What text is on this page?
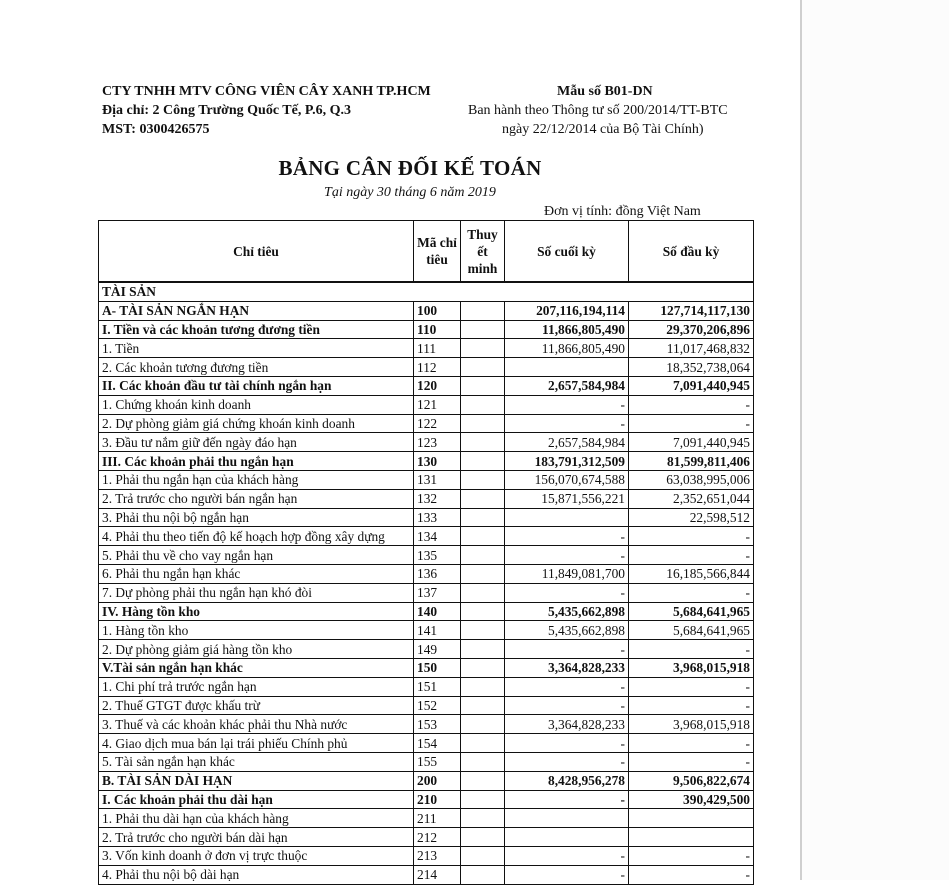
CTY TNHH MTV CÔNG VIÊN CÂY XANH TP.HCM
Địa chỉ: 2 Công Trường Quốc Tế, P.6, Q.3
MST: 0300426575
Mẫu số B01-DN
Ban hành theo Thông tư số 200/2014/TT-BTC
ngày 22/12/2014 của Bộ Tài Chính)
BẢNG CÂN ĐỐI KẾ TOÁN
Tại ngày 30 tháng 6 năm 2019
Đơn vị tính: đồng Việt Nam
Chỉ tiêu	Mã chỉ tiêu	Thuy ết minh	Số cuối kỳ	Số đầu kỳ
TÀI SẢN				
A- TÀI SẢN NGẮN HẠN	100		207,116,194,114	127,714,117,130
I. Tiền và các khoản tương đương tiền	110		11,866,805,490	29,370,206,896
1. Tiền	111		11,866,805,490	11,017,468,832
2. Các khoản tương đương tiền	112			18,352,738,064
II. Các khoản đầu tư tài chính ngắn hạn	120		2,657,584,984	7,091,440,945
1. Chứng khoán kinh doanh	121		-	-
2. Dự phòng giảm giá chứng khoán kinh doanh	122		-	-
3. Đầu tư nắm giữ đến ngày đáo hạn	123		2,657,584,984	7,091,440,945
III. Các khoản phải thu ngắn hạn	130		183,791,312,509	81,599,811,406
1. Phải thu ngắn hạn của khách hàng	131		156,070,674,588	63,038,995,006
2. Trả trước cho người bán ngắn hạn	132		15,871,556,221	2,352,651,044
3. Phải thu nội bộ ngắn hạn	133			22,598,512
4. Phải thu theo tiến độ kế hoạch hợp đồng xây dựng	134		-	-
5. Phải thu về cho vay ngắn hạn	135		-	-
6. Phải thu ngắn hạn khác	136		11,849,081,700	16,185,566,844
7. Dự phòng phải thu ngắn hạn khó đòi	137		-	-
IV. Hàng tồn kho	140		5,435,662,898	5,684,641,965
1. Hàng tồn kho	141		5,435,662,898	5,684,641,965
2. Dự phòng giảm giá hàng tồn kho	149		-	-
V.Tài sản ngắn hạn khác	150		3,364,828,233	3,968,015,918
1. Chi phí trả trước ngắn hạn	151		-	-
2. Thuế GTGT được khấu trừ	152		-	-
3. Thuế và các khoản khác phải thu Nhà nước	153		3,364,828,233	3,968,015,918
4. Giao dịch mua bán lại trái phiếu Chính phủ	154		-	-
5. Tài sản ngắn hạn khác	155		-	-
B. TÀI SẢN DÀI HẠN	200		8,428,956,278	9,506,822,674
I. Các khoản phải thu dài hạn	210		-	390,429,500
1. Phải thu dài hạn của khách hàng	211			
2. Trả trước cho người bán dài hạn	212			
3. Vốn kinh doanh ở đơn vị trực thuộc	213		-	-
4. Phải thu nội bộ dài hạn	214		-	-
